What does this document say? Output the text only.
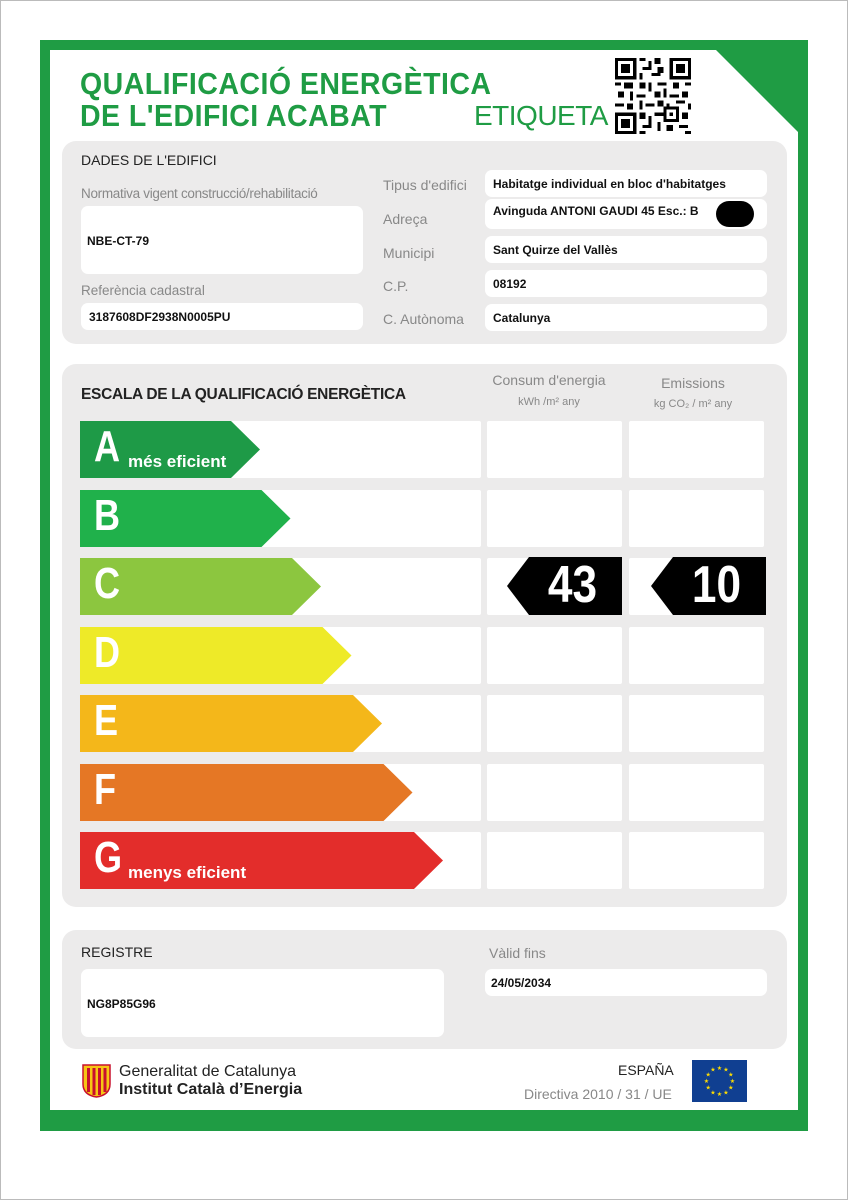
QUALIFICACIÓ ENERGÈTICA
DE L'EDIFICI ACABAT	ETIQUETA
DADES DE L'EDIFICI
Normativa vigent construcció/rehabilitació
NBE-CT-79
Referència cadastral
3187608DF2938N0005PU
Tipus d'edifici Habitatge individual en bloc d'habitatges
Adreça	Avinguda ANTONI GAUDI 45 Esc.: B
Municipi	Sant Quirze del Vallès
C.P.	08192
C. Autònoma Catalunya
ESCALA DE LA QUALIFICACIÓ ENERGÈTICA
Consum d'energia
kWh /m² any
Emissions
kg CO₂ / m² any
A més eficient
B
C	43	10
D
E
F
G menys eficient
REGISTRE
NG8P85G96
Vàlid fins
24/05/2034
Generalitat de Catalunya
Institut Català d’Energia
ESPAÑA
Directiva 2010 / 31 / UE
★ ★
★
★
★
★
★
★
★
★
★
★
